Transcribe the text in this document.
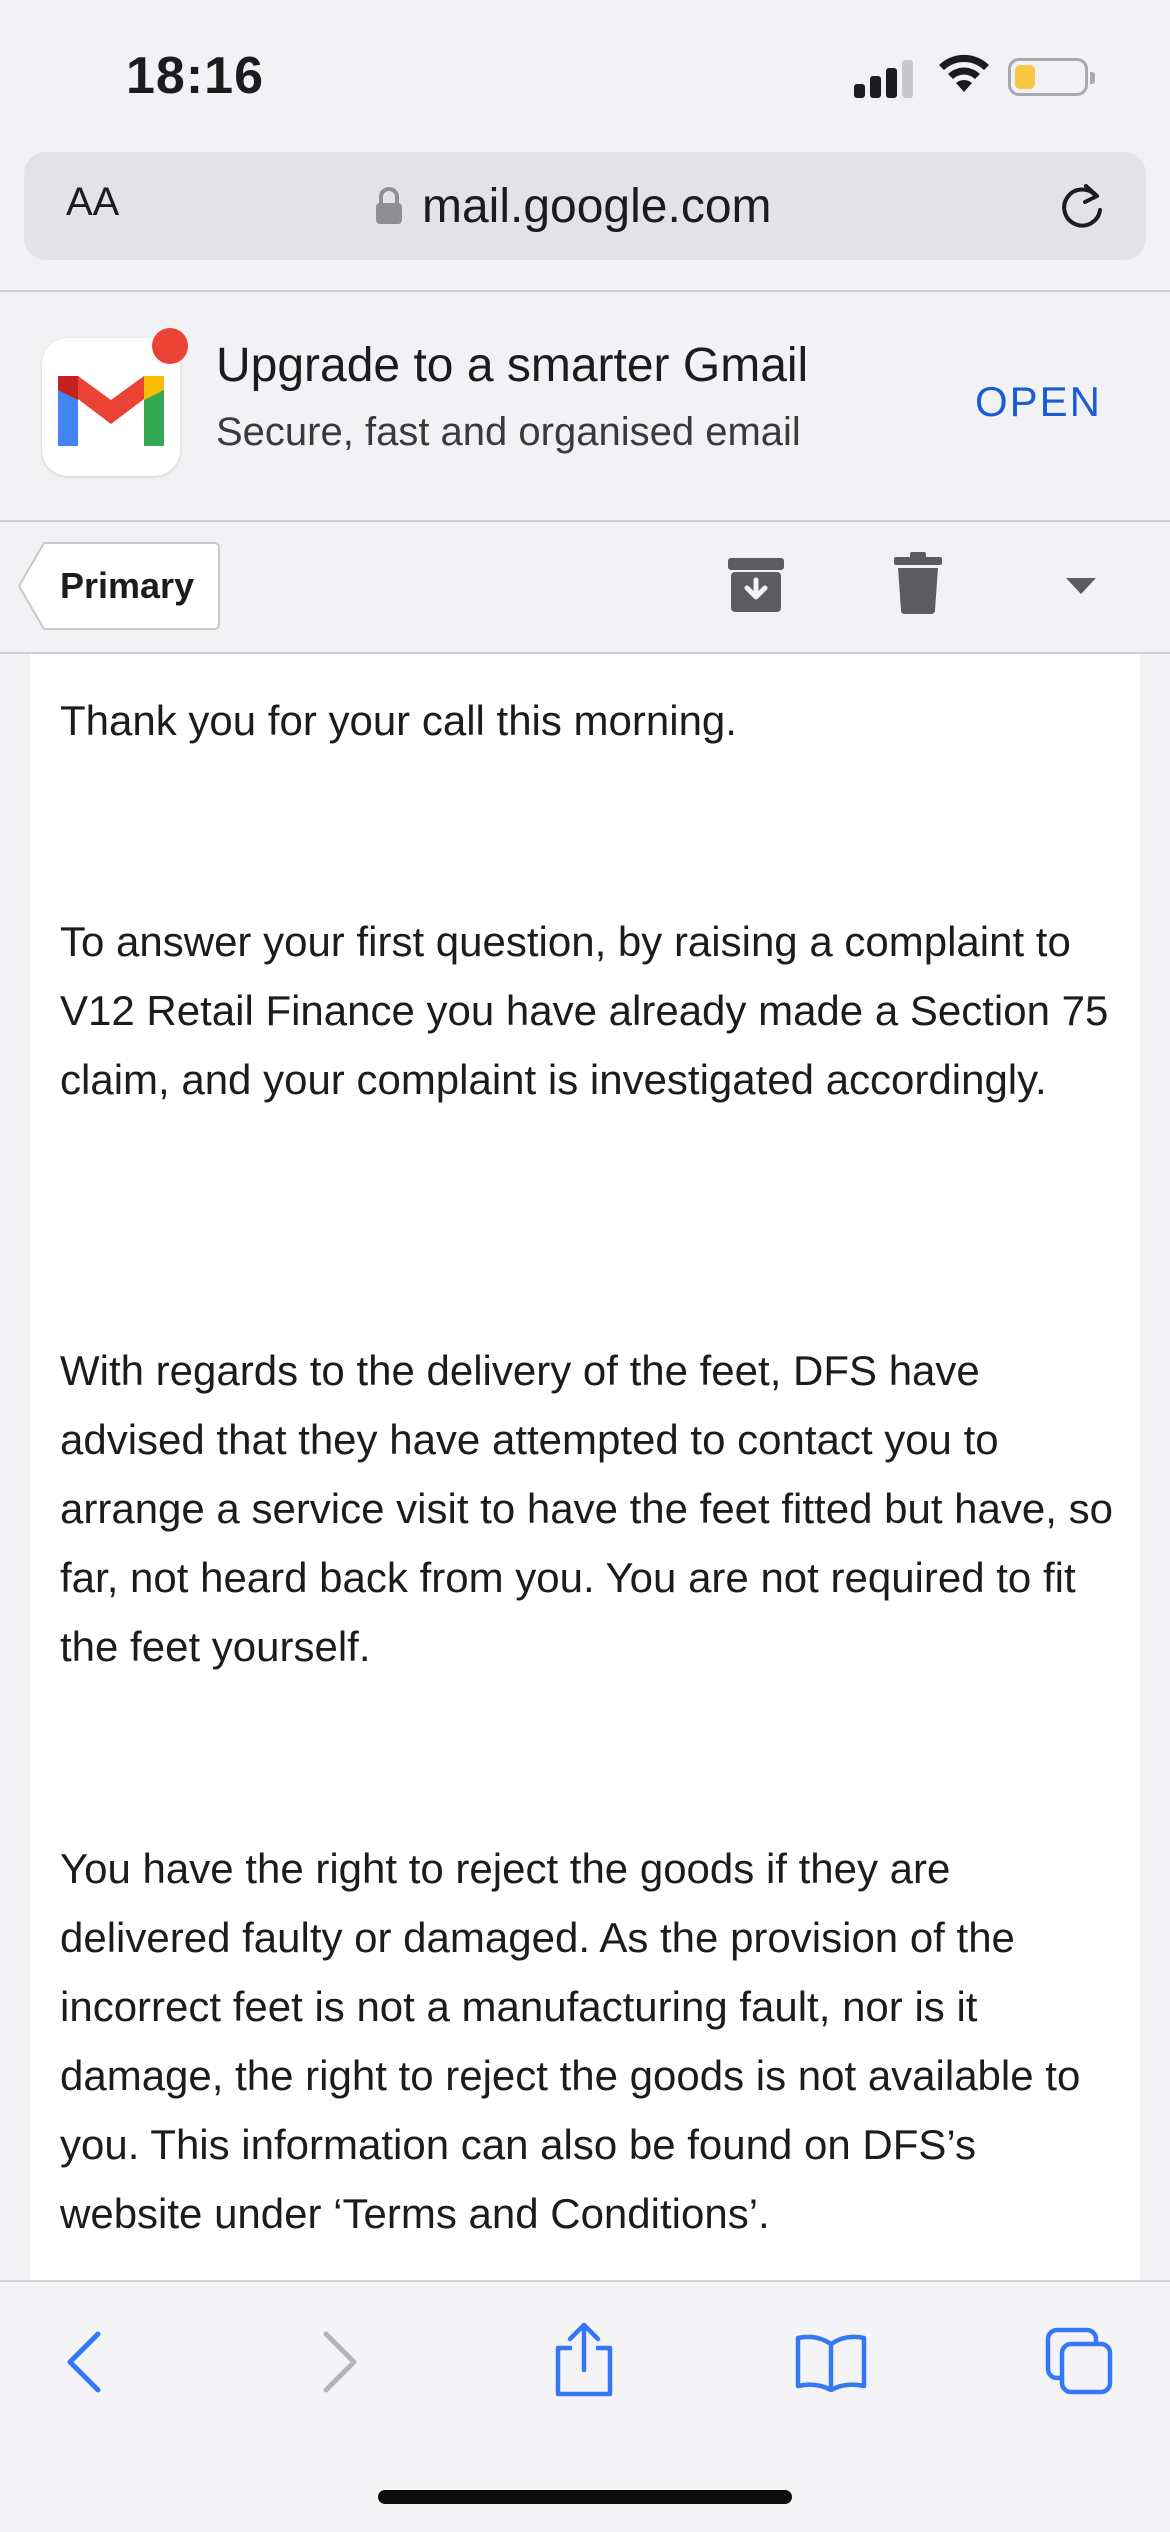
18:16
AA	mail.google.com
Upgrade to a smarter Gmail
Secure, fast and organised email
OPEN
Primary

Thank you for your call this morning.

To answer your first question, by raising a complaint to V12 Retail Finance you have already made a Section 75 claim, and your complaint is investigated accordingly.

With regards to the delivery of the feet, DFS have advised that they have attempted to contact you to arrange a service visit to have the feet fitted but have, so far, not heard back from you. You are not required to fit the feet yourself.

You have the right to reject the goods if they are delivered faulty or damaged. As the provision of the incorrect feet is not a manufacturing fault, nor is it damage, the right to reject the goods is not available to you. This information can also be found on DFS’s website under ‘Terms and Conditions’.
